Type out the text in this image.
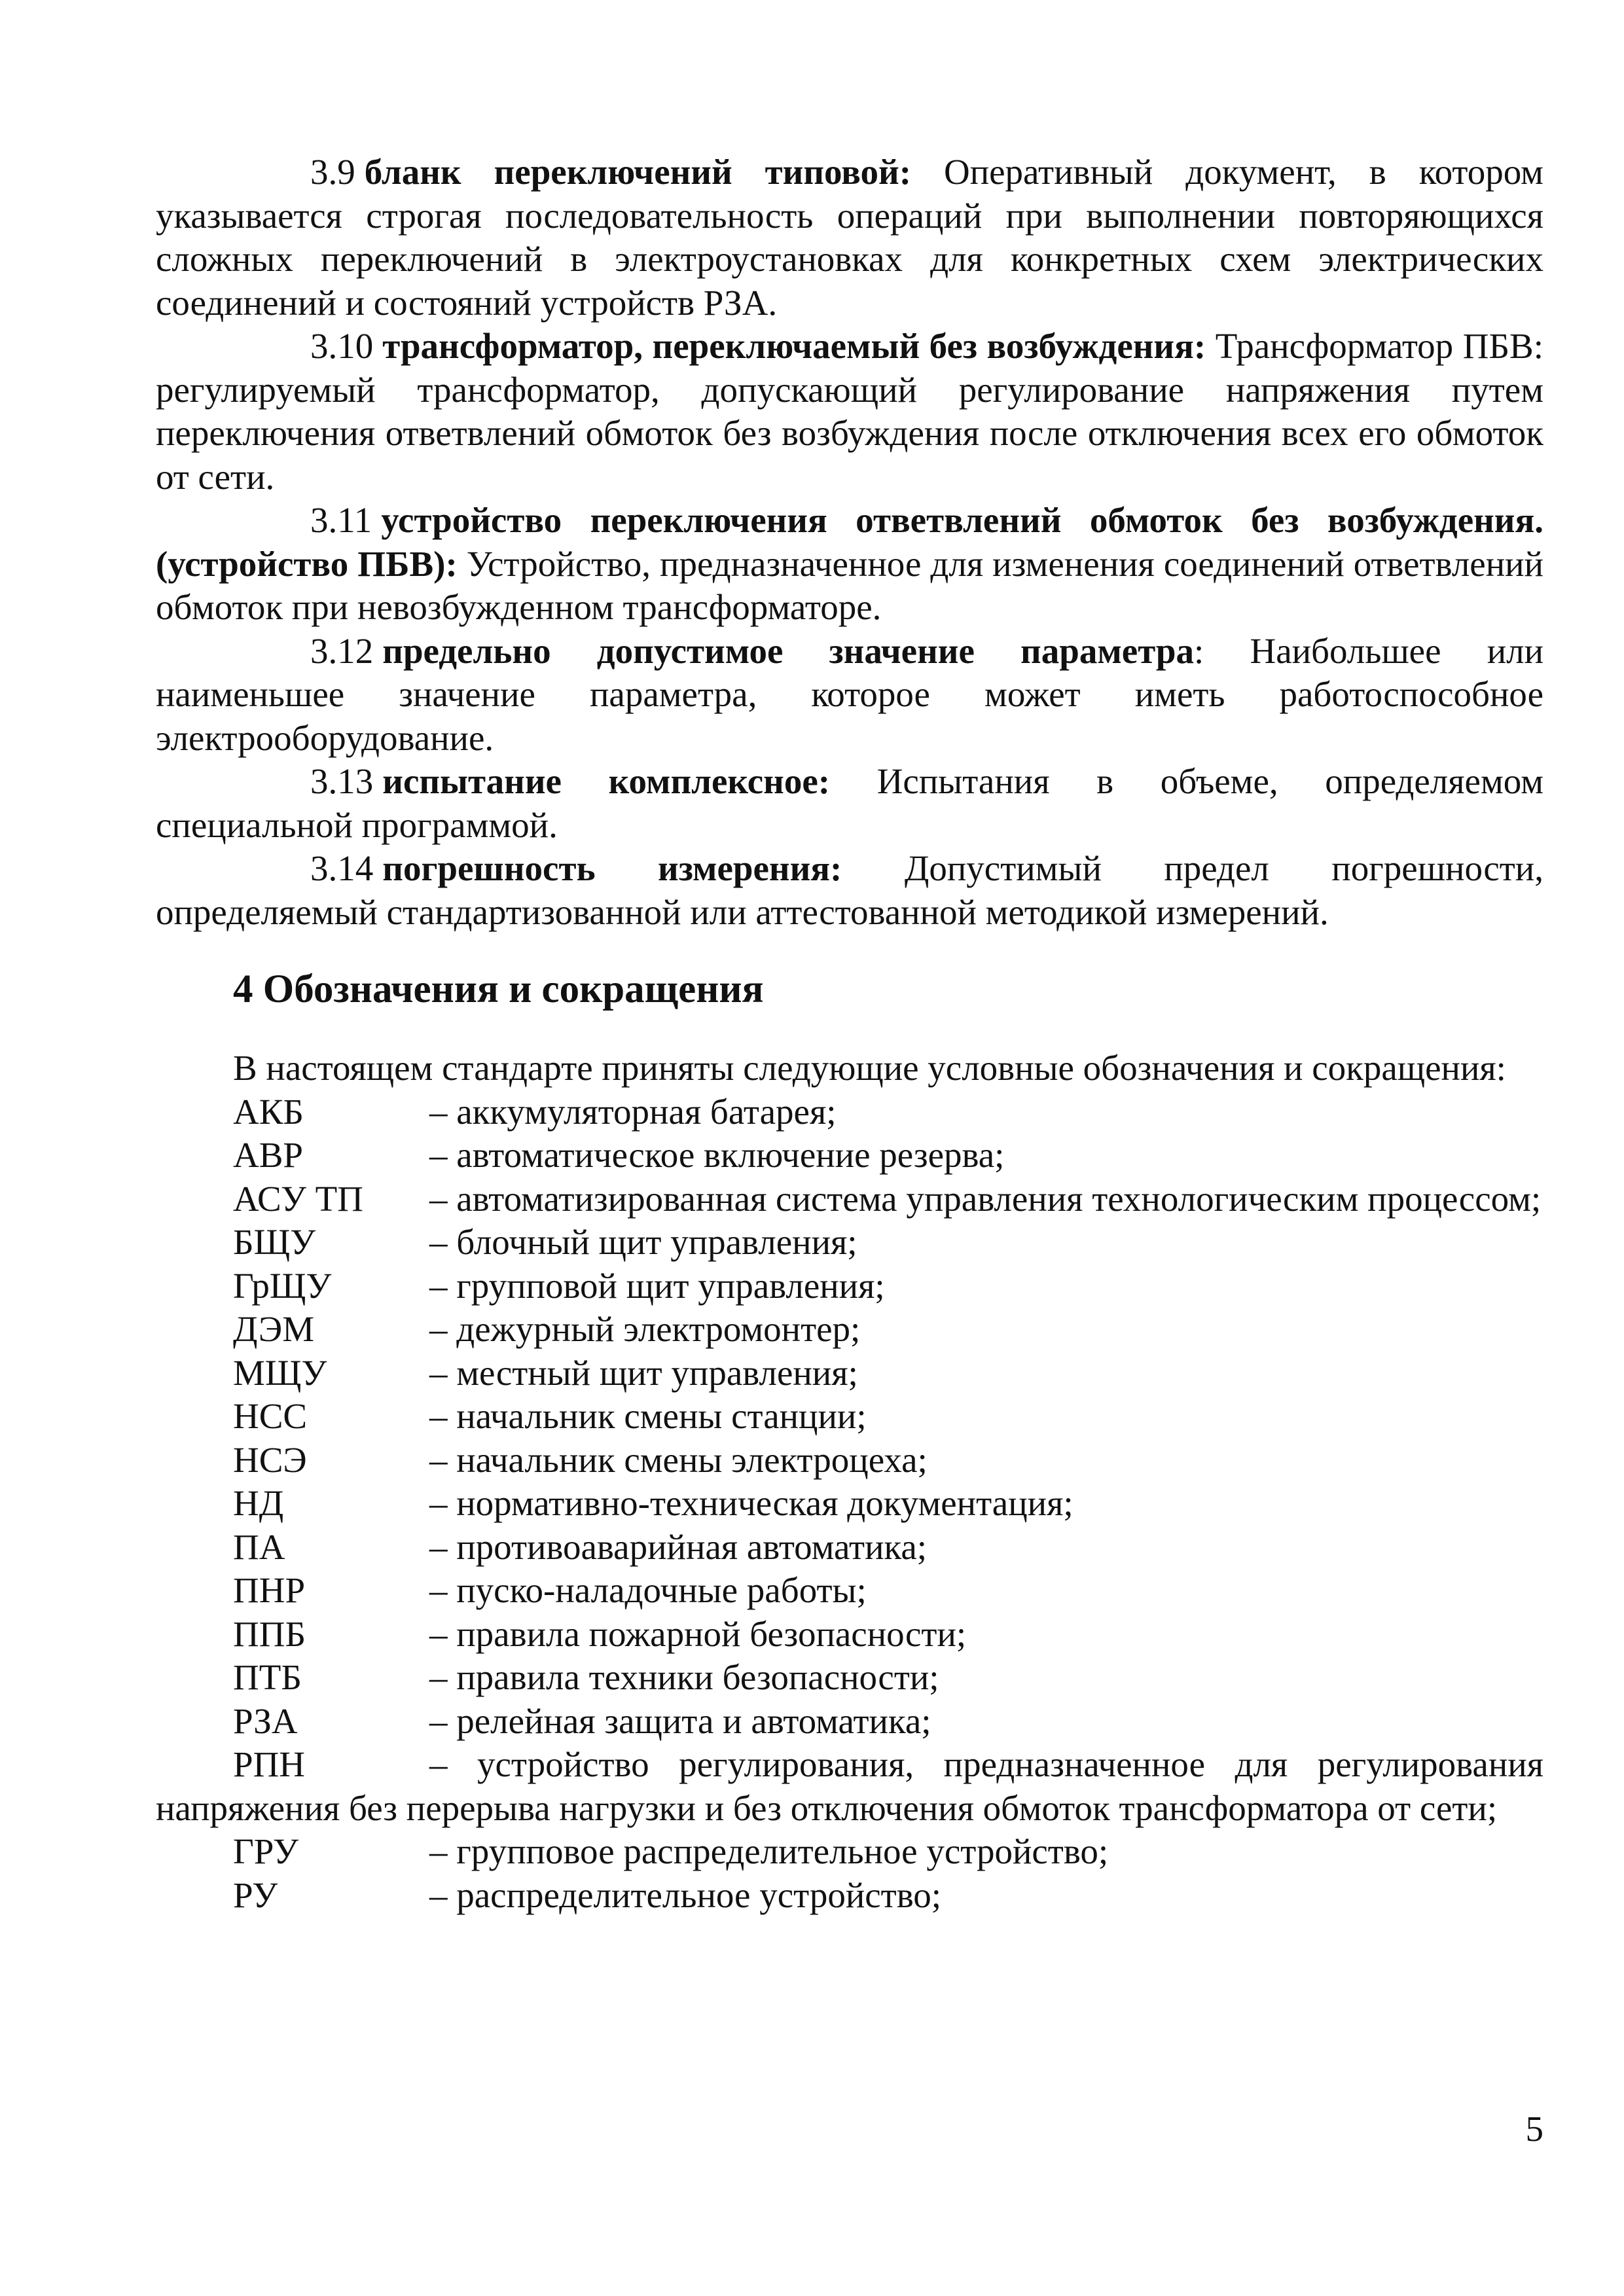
3.9 бланк переключений типовой: Оперативный документ, в котором указывается строгая последовательность операций при выполнении повторяющихся сложных переключений в электроустановках для конкретных схем электрических соединений и состояний устройств РЗА.

3.10 трансформатор, переключаемый без возбуждения: Трансформатор ПБВ: регулируемый трансформатор, допускающий регулирование напряжения путем переключения ответвлений обмоток без возбуждения после отключения всех его обмоток от сети.

3.11 устройство переключения ответвлений обмоток без возбуждения. (устройство ПБВ): Устройство, предназначенное для изменения соединений ответвлений обмоток при невозбужденном трансформаторе.

3.12 предельно допустимое значение параметра: Наибольшее или наименьшее значение параметра, которое может иметь работоспособное электрооборудование.

3.13 испытание комплексное: Испытания в объеме, определяемом специальной программой.

3.14 погрешность измерения: Допустимый предел погрешности, определяемый стандартизованной или аттестованной методикой измерений.

4 Обозначения и сокращения

В настоящем стандарте приняты следующие условные обозначения и сокращения:

АКБ	– аккумуляторная батарея;

АВР	– автоматическое включение резерва;

АСУ ТП – автоматизированная система управления технологическим процессом;

БЩУ	– блочный щит управления;

ГрЩУ	– групповой щит управления;

ДЭМ	– дежурный электромонтер;

МЩУ	– местный щит управления;

НСС	– начальник смены станции;

НСЭ	– начальник смены электроцеха;

НД	– нормативно-техническая документация;

ПА	– противоаварийная автоматика;

ПНР	– пуско-наладочные работы;

ППБ	– правила пожарной безопасности;

ПТБ	– правила техники безопасности;

РЗА	– релейная защита и автоматика;

РПН	– устройство регулирования, предназначенное для регулирования напряжения без перерыва нагрузки и без отключения обмоток трансформатора от сети;

ГРУ	– групповое распределительное устройство;

РУ	– распределительное устройство;

5
